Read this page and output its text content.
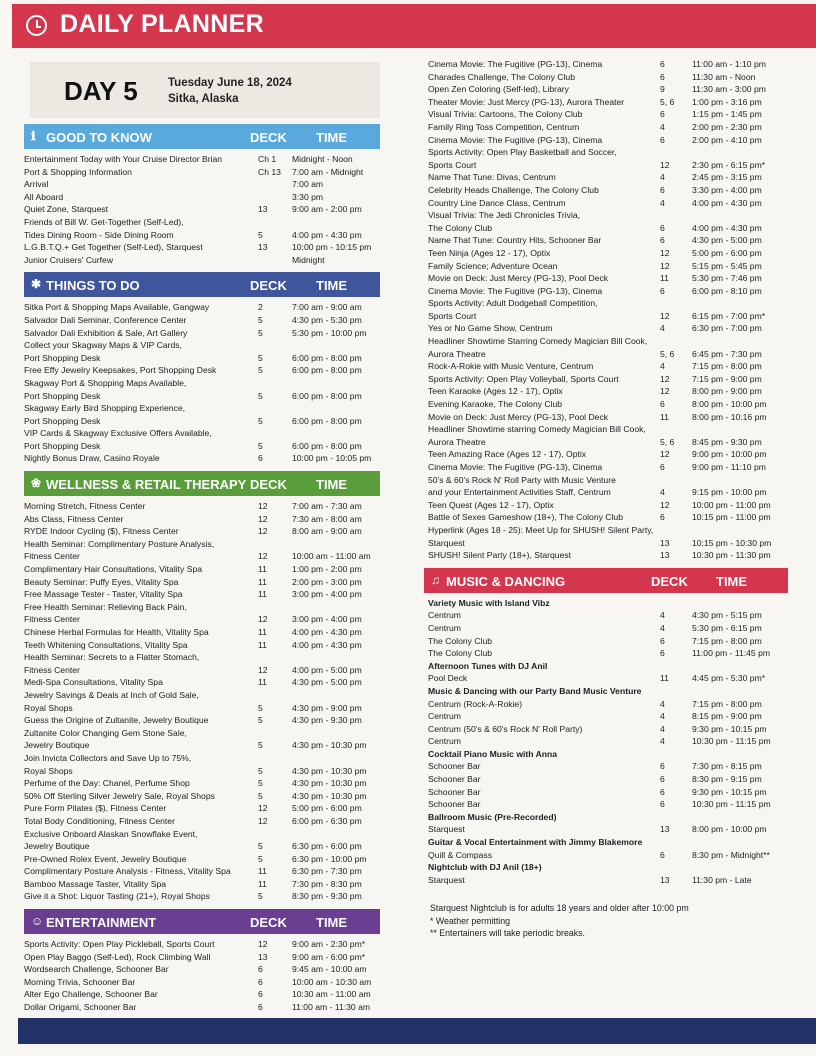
DAILY PLANNER
DAY 5	Tuesday June 18, 2024
Sitka, Alaska
ℹ GOOD TO KNOW	DECK TIME
Entertainment Today with Your Cruise Director Brian	Ch 1 Midnight - Noon
Port & Shopping Information	Ch 13 7:00 am - Midnight
Arrival	7:00 am
All Aboard	3:30 pm
Quiet Zone, Starquest	13	9:00 am - 2:00 pm
Friends of Bill W. Get-Together (Self-Led),
Tides Dining Room - Side Dining Room	5	4:00 pm - 4:30 pm
L.G.B.T.Q.+ Get Together (Self-Led), Starquest	13	10:00 pm - 10:15 pm
Junior Cruisers' Curfew	Midnight
✱ THINGS TO DO	DECK TIME
Sitka Port & Shopping Maps Available, Gangway	2	7:00 am - 9:00 am
Salvador Dali Seminar, Conference Center	5	4:30 pm - 5:30 pm
Salvador Dali Exhibition & Sale, Art Gallery	5	5:30 pm - 10:00 pm
Collect your Skagway Maps & VIP Cards,
Port Shopping Desk	5	6:00 pm - 8:00 pm
Free Effy Jewelry Keepsakes, Port Shopping Desk	5	6:00 pm - 8:00 pm
Skagway Port & Shopping Maps Available,
Port Shopping Desk	5	6:00 pm - 8:00 pm
Skagway Early Bird Shopping Experience,
Port Shopping Desk	5	6:00 pm - 8:00 pm
VIP Cards & Skagway Exclusive Offers Available,
Port Shopping Desk	5	6:00 pm - 8:00 pm
Nightly Bonus Draw, Casino Royale	6	10:00 pm - 10:05 pm
❀ WELLNESS & RETAIL THERAPY DECK TIME
Morning Stretch, Fitness Center	12	7:00 am - 7:30 am
Abs Class, Fitness Center	12	7:30 am - 8:00 am
RYDE Indoor Cycling ($), Fitness Center	12	8:00 am - 9:00 am
Health Seminar: Complimentary Posture Analysis,
Fitness Center	12	10:00 am - 11:00 am
Complimentary Hair Consultations, Vitality Spa	11	1:00 pm - 2:00 pm
Beauty Seminar: Puffy Eyes, Vitality Spa	11	2:00 pm - 3:00 pm
Free Massage Tester - Taster, Vitality Spa	11	3:00 pm - 4:00 pm
Free Health Seminar: Relieving Back Pain,
Fitness Center	12	3:00 pm - 4:00 pm
Chinese Herbal Formulas for Health, Vitality Spa	11	4:00 pm - 4:30 pm
Teeth Whitening Consultations, Vitality Spa	11	4:00 pm - 4:30 pm
Health Seminar: Secrets to a Flatter Stomach,
Fitness Center	12	4:00 pm - 5:00 pm
Medi-Spa Consultations, Vitality Spa	11	4:30 pm - 5:00 pm
Jewelry Savings & Deals at Inch of Gold Sale,
Royal Shops	5	4:30 pm - 9:00 pm
Guess the Origine of Zultanite, Jewelry Boutique	5	4:30 pm - 9:30 pm
Zultanite Color Changing Gem Stone Sale,
Jewelry Boutique	5	4:30 pm - 10:30 pm
Join Invicta Collectors and Save Up to 75%,
Royal Shops	5	4:30 pm - 10:30 pm
Perfume of the Day: Chanel, Perfume Shop	5	4:30 pm - 10:30 pm
50% Off Sterling Silver Jewelry Sale, Royal Shops	5	4:30 pm - 10:30 pm
Pure Form Pilates ($), Fitness Center	12	5:00 pm - 6:00 pm
Total Body Conditioning, Fitness Center	12	6:00 pm - 6:30 pm
Exclusive Onboard Alaskan Snowflake Event,
Jewelry Boutique	5	6:30 pm - 6:00 pm
Pre-Owned Rolex Event, Jewelry Boutique	5	6:30 pm - 10:00 pm
Complimentary Posture Analysis - Fitness, Vitality Spa	11	6:30 pm - 7:30 pm
Bamboo Massage Taster, Vitality Spa	11	7:30 pm - 8:30 pm
Give it a Shot: Liquor Tasting (21+), Royal Shops	5	8:30 pm - 9:30 pm
☺ ENTERTAINMENT	DECK TIME
Sports Activity: Open Play Pickleball, Sports Court	12	9:00 am - 2:30 pm*
Open Play Baggo (Self-Led), Rock Climbing Wall	13	9:00 am - 6:00 pm*
Wordsearch Challenge, Schooner Bar	6	9:45 am - 10:00 am
Morning Trivia, Schooner Bar	6	10:00 am - 10:30 am
Alter Ego Challenge, Schooner Bar	6	10:30 am - 11:00 am
Dollar Origami, Schooner Bar	6	11:00 am - 11:30 am
Cinema Movie: The Fugitive (PG-13), Cinema	6	11:00 am - 1:10 pm
Charades Challenge, The Colony Club	6	11:30 am - Noon
Open Zen Coloring (Self-led), Library	9	11:30 am - 3:00 pm
Theater Movie: Just Mercy (PG-13), Aurora Theater	5, 6 1:00 pm - 3:16 pm
Visual Trivia: Cartoons, The Colony Club	6	1:15 pm - 1:45 pm
Family Ring Toss Competition, Centrum	4	2:00 pm - 2:30 pm
Cinema Movie: The Fugitive (PG-13), Cinema	6	2:00 pm - 4:10 pm
Sports Activity: Open Play Basketball and Soccer,
Sports Court	12	2:30 pm - 6:15 pm*
Name That Tune: Divas, Centrum	4	2:45 pm - 3:15 pm
Celebrity Heads Challenge, The Colony Club	6	3:30 pm - 4:00 pm
Country Line Dance Class, Centrum	4	4:00 pm - 4:30 pm
Visual Trivia: The Jedi Chronicles Trivia,
The Colony Club	6	4:00 pm - 4:30 pm
Name That Tune: Country Hits, Schooner Bar	6	4:30 pm - 5:00 pm
Teen Ninja (Ages 12 - 17), Optix	12	5:00 pm - 6:00 pm
Family Science; Adventure Ocean	12	5:15 pm - 5:45 pm
Movie on Deck: Just Mercy (PG-13), Pool Deck	11	5:30 pm - 7:46 pm
Cinema Movie: The Fugitive (PG-13), Cinema	6	6:00 pm - 8:10 pm
Sports Activity: Adult Dodgeball Competition,
Sports Court	12	6:15 pm - 7:00 pm*
Yes or No Game Show, Centrum	4	6:30 pm - 7:00 pm
Headliner Showtime Starring Comedy Magician Bill Cook,
Aurora Theatre	5, 6 6:45 pm - 7:30 pm
Rock-A-Rokie with Music Venture, Centrum	4	7:15 pm - 8:00 pm
Sports Activity: Open Play Volleyball, Sports Court	12	7:15 pm - 9:00 pm
Teen Karaoke (Ages 12 - 17), Optix	12	8:00 pm - 9:00 pm
Evening Karaoke, The Colony Club	6	8:00 pm - 10:00 pm
Movie on Deck: Just Mercy (PG-13), Pool Deck	11	8:00 pm - 10:16 pm
Headliner Showtime starring Comedy Magician Bill Cook,
Aurora Theatre	5, 6 8:45 pm - 9:30 pm
Teen Amazing Race (Ages 12 - 17), Optix	12	9:00 pm - 10:00 pm
Cinema Movie: The Fugitive (PG-13), Cinema	6	9:00 pm - 11:10 pm
50's & 60's Rock N' Roll Party with Music Venture
and your Entertainment Activities Staff, Centrum	4	9:15 pm - 10:00 pm
Teen Quest (Ages 12 - 17), Optix	12	10:00 pm - 11:00 pm
Battle of Sexes Gameshow (18+), The Colony Club	6	10:15 pm - 11:00 pm
Hyperlink (Ages 18 - 25): Meet Up for SHUSH! Silent Party,
Starquest	13	10:15 pm - 10:30 pm
SHUSH! Silent Party (18+), Starquest	13	10:30 pm - 11:30 pm
♫ MUSIC & DANCING	DECK TIME
Variety Music with Island Vibz
Centrum	4	4:30 pm - 5:15 pm
Centrum	4	5:30 pm - 6:15 pm
The Colony Club	6	7:15 pm - 8:00 pm
The Colony Club	6	11:00 pm - 11:45 pm
Afternoon Tunes with DJ Anil
Pool Deck	11	4:45 pm - 5:30 pm*
Music & Dancing with our Party Band Music Venture
Centrum (Rock-A-Rokie)	4	7:15 pm - 8:00 pm
Centrum	4	8:15 pm - 9:00 pm
Centrum (50's & 60's Rock N' Roll Party)	4	9:30 pm - 10:15 pm
Centrum	4	10:30 pm - 11:15 pm
Cocktail Piano Music with Anna
Schooner Bar	6	7:30 pm - 8:15 pm
Schooner Bar	6	8:30 pm - 9:15 pm
Schooner Bar	6	9:30 pm - 10:15 pm
Schooner Bar	6	10:30 pm - 11:15 pm
Ballroom Music (Pre-Recorded)
Starquest	13	8:00 pm - 10:00 pm
Guitar & Vocal Entertainment with Jimmy Blakemore
Quill & Compass	6	8:30 pm - Midnight**
Nightclub with DJ Anil (18+)
Starquest	13	11:30 pm - Late
Starquest Nightclub is for adults 18 years and older after 10:00 pm
* Weather permitting
** Entertainers will take periodic breaks.
